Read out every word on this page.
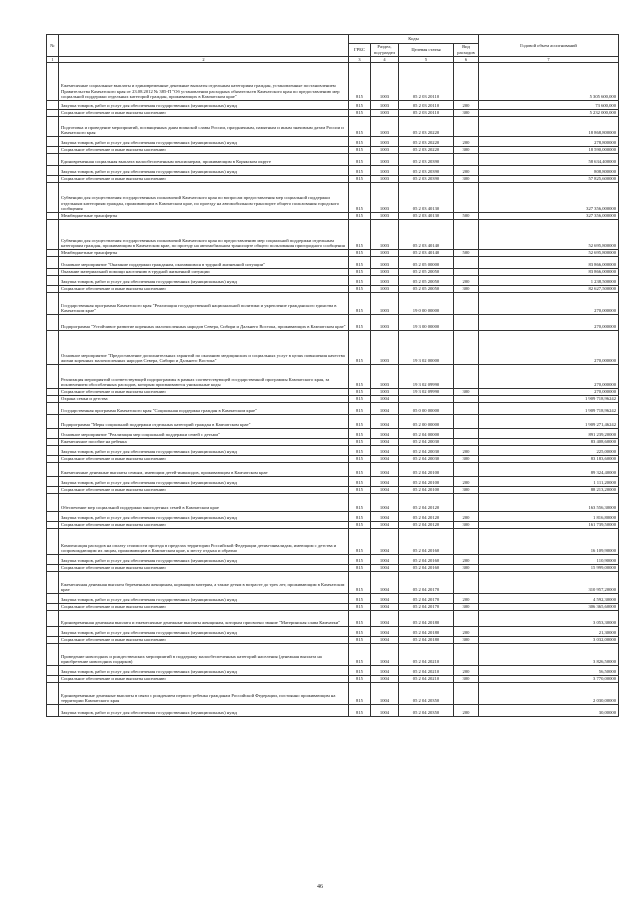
№		Коды				Годовой объем ассигнований
		ГРБС	Раздел, под-раздел	Целевая статья	Вид расходов	
1	2	3	4	5	6	7
	Ежемесячные социальные выплаты и единовременные денежные выплаты отдельным категориям граждан, установленные постановлением Правительства Камчатского края от 23.08.2012 № 385-П "Об установлении расходных обязательств Камчатского края по предоставлению мер социальной поддержки отдельных категорий граждан, проживающих в Камчатском крае"	815	1003	05 2 03 20110		5 305 600,000
	Закупка товаров, работ и услуг для обеспечения государственных (муниципальных) нужд	815	1003	05 2 03 20110	200	73 600,000
	Социальное обеспечение и иные выплаты населению	815	1003	05 2 03 20110	300	5 232 000,000
	Подготовка и проведение мероприятий, посвященных дням воинской славы России, праздничным, памятным и иным значимым датам России и Камчатского края	815	1003	05 2 03 20220		18 868,800000
	Закупка товаров, работ и услуг для обеспечения государственных (муниципальных) нужд	815	1003	05 2 03 20220	200	278,800000
	Социальное обеспечение и иные выплаты населению	815	1003	05 2 03 20220	300	18 590,000000
	Единовременная социальная выплата малообеспеченным пенсионерам, проживающим в Корякском округе	815	1003	05 2 03 20390		58 634,400000
	Закупка товаров, работ и услуг для обеспечения государственных (муниципальных) нужд	815	1003	05 2 03 20390	200	808,800000
	Социальное обеспечение и иные выплаты населению	815	1003	05 2 03 20390	300	57 825,600000
	Субвенции для осуществления государственных полномочий Камчатского края по вопросам предоставления мер социальной поддержки отдельным категориям граждан, проживающим в Камчатском крае, по проезду на автомобильном транспорте общего пользования городского сообщения	815	1003	05 2 03 40130		327 356,000000
	Межбюджетные трансферты	815	1003	05 2 03 40130	500	327 356,000000
	Субвенции для осуществления государственных полномочий Камчатского края по предоставлению мер социальной поддержки отдельным категориям граждан, проживающим в Камчатском крае, по проезду на автомобильном транспорте общего пользования пригородного сообщения	815	1003	05 2 03 40140		52 695,800000
	Межбюджетные трансферты	815	1003	05 2 03 40140	500	52 695,800000
	Основное мероприятие "Оказание поддержки гражданам, оказавшимся в трудной жизненной ситуации"	815	1003	05 2 05 00000		83 866,000000
	Оказание материальной помощи населению в трудной жизненной ситуации	815	1003	05 2 05 20050		83 866,000000
	Закупка товаров, работ и услуг для обеспечения государственных (муниципальных) нужд	815	1003	05 2 05 20050	200	1 238,500000
	Социальное обеспечение и иные выплаты населению	815	1003	05 2 05 20050	300	82 627,500000
	Государственная программа Камчатского края "Реализация государственной национальной политики и укрепление гражданского единства в Камчатском крае"	815	1003	19 0 00 00000		270,000000
	Подпрограмма "Устойчивое развитие коренных малочисленных народов Севера, Сибири и Дальнего Востока, проживающих в Камчатском крае"	815	1003	19 3 00 00000		270,000000
	Основное мероприятие "Предоставление дополнительных гарантий по оказанию медицинских и социальных услуг в целях повышения качества жизни коренных малочисленных народов Севера, Сибири и Дальнего Востока"	815	1003	19 3 02 00000		270,000000
	Реализация мероприятий соответствующей подпрограммы в рамках соответствующей государственной программы Камчатского края, за исключением обособленных расходов, которым присваиваются уникальные коды	815	1003	19 3 02 09990		270,000000
	Социальное обеспечение и иные выплаты населению	815	1003	19 3 02 09990	300	270,000000
	Охрана семьи и детства	815	1004			1 909 718,96242
	Государственная программа Камчатского края "Социальная поддержка граждан в Камчатском крае"	815	1004	05 0 00 00000		1 909 718,96242
	Подпрограмма "Меры социальной поддержки отдельных категорий граждан в Камчатском крае"	815	1004	05 2 00 00000		1 909 271,46242
	Основное мероприятие "Реализация мер социальной поддержки семей с детьми"	815	1004	05 2 04 00000		891 239,20000
	Ежемесячное пособие на ребенка	815	1004	05 2 04 20030		83 408,60000
	Закупка товаров, работ и услуг для обеспечения государственных (муниципальных) нужд	815	1004	05 2 04 20030	200	225,00000
	Социальное обеспечение и иные выплаты населению	815	1004	05 2 04 20030	300	83 183,60000
	Ежемесячные денежные выплаты семьям, имеющим детей-инвалидов, проживающим в Камчатском крае	815	1004	05 2 04 20100		89 324,40000
	Закупка товаров, работ и услуг для обеспечения государственных (муниципальных) нужд	815	1004	05 2 04 20100	200	1 111,20000
	Социальное обеспечение и иные выплаты населению	815	1004	05 2 04 20100	300	88 213,20000
	Обеспечение мер социальной поддержки многодетных семей в Камчатском крае	815	1004	05 2 04 20120		163 556,30000
	Закупка товаров, работ и услуг для обеспечения государственных (муниципальных) нужд	815	1004	05 2 04 20120	200	1 816,80000
	Социальное обеспечение и иные выплаты населению	815	1004	05 2 04 20120	300	161 739,50000
	Компенсация расходов на оплату стоимости проезда в пределах территории Российской Федерации детям-инвалидам, имеющим с детства и сопровождающим их лицам, проживающим в Камчатском крае, к месту отдыха и обратно	815	1004	05 2 04 20160		16 109,90000
	Закупка товаров, работ и услуг для обеспечения государственных (муниципальных) нужд	815	1004	05 2 04 20160	200	110,90000
	Социальное обеспечение и иные выплаты населению	815	1004	05 2 04 20160	300	15 999,00000
	Ежемесячная денежная выплата беременным женщинам, кормящим матерям, а также детям в возрасте до трех лет, проживающим в Камчатском крае	815	1004	05 2 04 20170		310 957,20000
	Закупка товаров, работ и услуг для обеспечения государственных (муниципальных) нужд	815	1004	05 2 04 20170	200	4 592,30000
	Социальное обеспечение и иные выплаты населению	815	1004	05 2 04 20170	300	306 365,60000
	Единовременная денежная выплата и ежемесячные денежные выплаты женщинам, которым присвоено звание "Материнская слава Камчатки"	815	1004	05 2 04 20180		3 053,30000
	Закупка товаров, работ и услуг для обеспечения государственных (муниципальных) нужд	815	1004	05 2 04 20180	200	21,30000
	Социальное обеспечение и иные выплаты населению	815	1004	05 2 04 20180	300	3 032,00000
	Проведение новогодних и рождественских мероприятий в поддержку малообеспеченных категорий населения (денежная выплата на приобретение новогодних подарков)	815	1004	05 2 04 20210		3 826,50000
	Закупка товаров, работ и услуг для обеспечения государственных (муниципальных) нужд	815	1004	05 2 04 20210	200	56,50000
	Социальное обеспечение и иные выплаты населению	815	1004	05 2 04 20210	300	3 770,00000
	Единовременные денежные выплаты в связи с рождением первого ребенка гражданам Российской Федерации, постоянно проживающим на территории Камчатского края	815	1004	05 2 04 20350		2 030,00000
	Закупка товаров, работ и услуг для обеспечения государственных (муниципальных) нужд	815	1004	05 2 04 20350	200	30,00000
46
